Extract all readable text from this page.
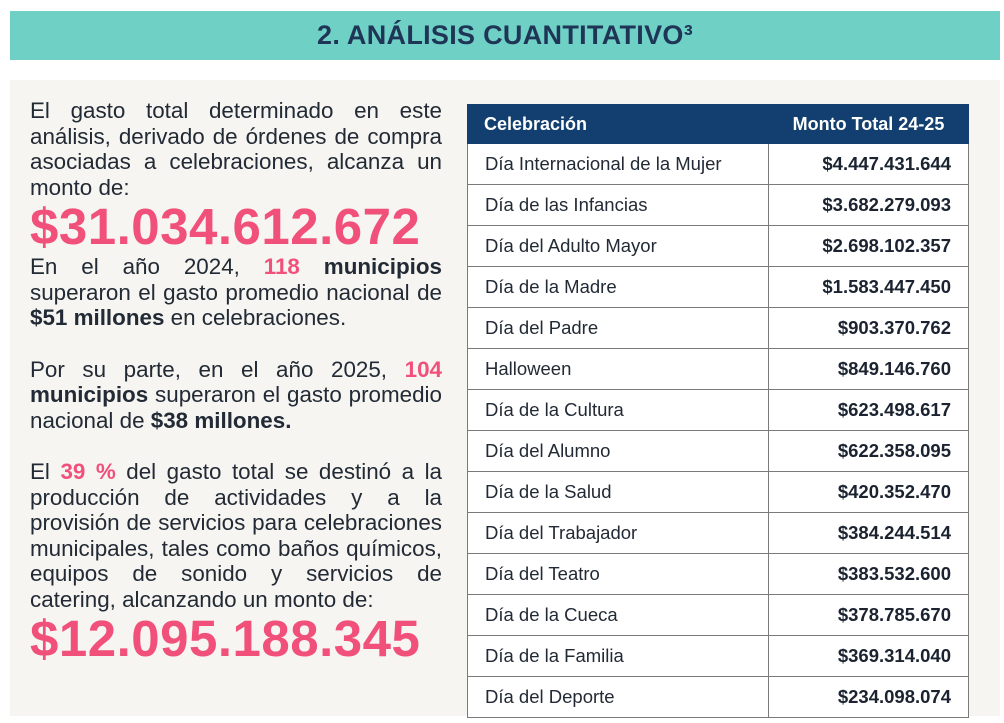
2. ANÁLISIS CUANTITATIVO³

El gasto total determinado en este análisis, derivado de órdenes de compra asociadas a celebraciones, alcanza un monto de:

$31.034.612.672

En el año 2024, 118 municipios superaron el gasto promedio nacional de $51 millones en celebraciones.

Por su parte, en el año 2025, 104 municipios superaron el gasto promedio nacional de $38 millones.

El 39 % del gasto total se destinó a la producción de actividades y a la provisión de servicios para celebraciones municipales, tales como baños químicos, equipos de sonido y servicios de catering, alcanzando un monto de:

$12.095.188.345
Celebración	Monto Total 24-25
Día Internacional de la Mujer	$4.447.431.644
Día de las Infancias	$3.682.279.093
Día del Adulto Mayor	$2.698.102.357
Día de la Madre	$1.583.447.450
Día del Padre	$903.370.762
Halloween	$849.146.760
Día de la Cultura	$623.498.617
Día del Alumno	$622.358.095
Día de la Salud	$420.352.470
Día del Trabajador	$384.244.514
Día del Teatro	$383.532.600
Día de la Cueca	$378.785.670
Día de la Familia	$369.314.040
Día del Deporte	$234.098.074
